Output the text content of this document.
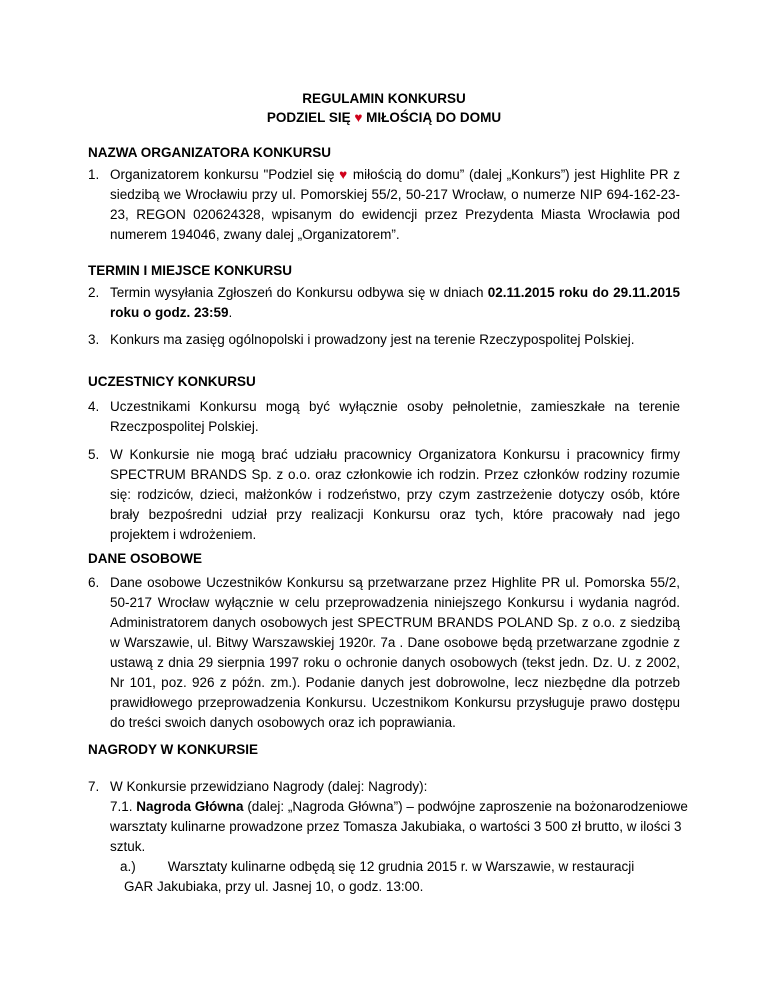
REGULAMIN KONKURSU
PODZIEL SIĘ ♥ MIŁOŚCIĄ DO DOMU
NAZWA ORGANIZATORA KONKURSU
1. Organizatorem konkursu "Podziel się ♥ miłością do domu” (dalej „Konkurs”) jest Highlite PR z siedzibą we Wrocławiu przy ul. Pomorskiej 55/2, 50-217 Wrocław, o numerze NIP 694-162-23-23, REGON 020624328, wpisanym do ewidencji przez Prezydenta Miasta Wrocławia pod numerem 194046, zwany dalej „Organizatorem”.
TERMIN I MIEJSCE KONKURSU
2. Termin wysyłania Zgłoszeń do Konkursu odbywa się w dniach 02.11.2015 roku do 29.11.2015 roku o godz. 23:59.
3. Konkurs ma zasięg ogólnopolski i prowadzony jest na terenie Rzeczypospolitej Polskiej.
UCZESTNICY KONKURSU
4. Uczestnikami Konkursu mogą być wyłącznie osoby pełnoletnie, zamieszkałe na terenie Rzeczpospolitej Polskiej.
5. W Konkursie nie mogą brać udziału pracownicy Organizatora Konkursu i pracownicy firmy SPECTRUM BRANDS Sp. z o.o. oraz członkowie ich rodzin. Przez członków rodziny rozumie się: rodziców, dzieci, małżonków i rodzeństwo, przy czym zastrzeżenie dotyczy osób, które brały bezpośredni udział przy realizacji Konkursu oraz tych, które pracowały nad jego projektem i wdrożeniem.
DANE OSOBOWE
6. Dane osobowe Uczestników Konkursu są przetwarzane przez Highlite PR ul. Pomorska 55/2, 50-217 Wrocław wyłącznie w celu przeprowadzenia niniejszego Konkursu i wydania nagród. Administratorem danych osobowych jest SPECTRUM BRANDS POLAND Sp. z o.o. z siedzibą w Warszawie, ul. Bitwy Warszawskiej 1920r. 7a . Dane osobowe będą przetwarzane zgodnie z ustawą z dnia 29 sierpnia 1997 roku o ochronie danych osobowych (tekst jedn. Dz. U. z 2002, Nr 101, poz. 926 z późn. zm.). Podanie danych jest dobrowolne, lecz niezbędne dla potrzeb prawidłowego przeprowadzenia Konkursu. Uczestnikom Konkursu przysługuje prawo dostępu do treści swoich danych osobowych oraz ich poprawiania.
NAGRODY W KONKURSIE
7. W Konkursie przewidziano Nagrody (dalej: Nagrody):
7.1. Nagroda Główna (dalej: „Nagroda Główna”) – podwójne zaproszenie na bożonarodzeniowe warsztaty kulinarne prowadzone przez Tomasza Jakubiaka, o wartości 3 500 zł brutto, w ilości 3 sztuk.
a.) Warsztaty kulinarne odbędą się 12 grudnia 2015 r. w Warszawie, w restauracji
GAR Jakubiaka, przy ul. Jasnej 10, o godz. 13:00.
